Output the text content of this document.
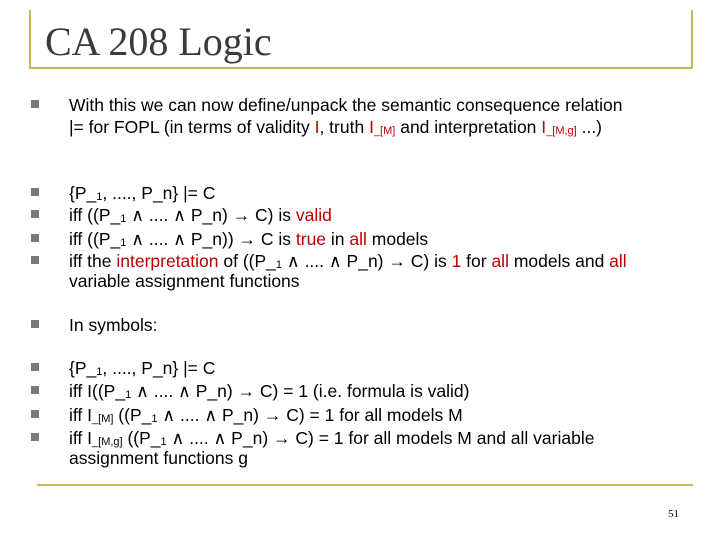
CA 208 Logic
With this we can now define/unpack the semantic consequence relation
|= for FOPL (in terms of validity I, truth I_[M] and interpretation I_[M,g] ...)
{P_1, ...., P_n} |= C
iff ((P_1 ∧ .... ∧ P_n) → C) is valid
iff ((P_1 ∧ .... ∧ P_n)) → C is true in all models
iff the interpretation of ((P_1 ∧ .... ∧ P_n) → C) is 1 for all models and all
variable assignment functions
In symbols:
{P_1, ...., P_n} |= C
iff I((P_1 ∧ .... ∧ P_n) → C) = 1 (i.e. formula is valid)
iff I_[M] ((P_1 ∧ .... ∧ P_n) → C) = 1 for all models M
iff I_[M,g] ((P_1 ∧ .... ∧ P_n) → C) = 1 for all models M and all variable
assignment functions g
51
